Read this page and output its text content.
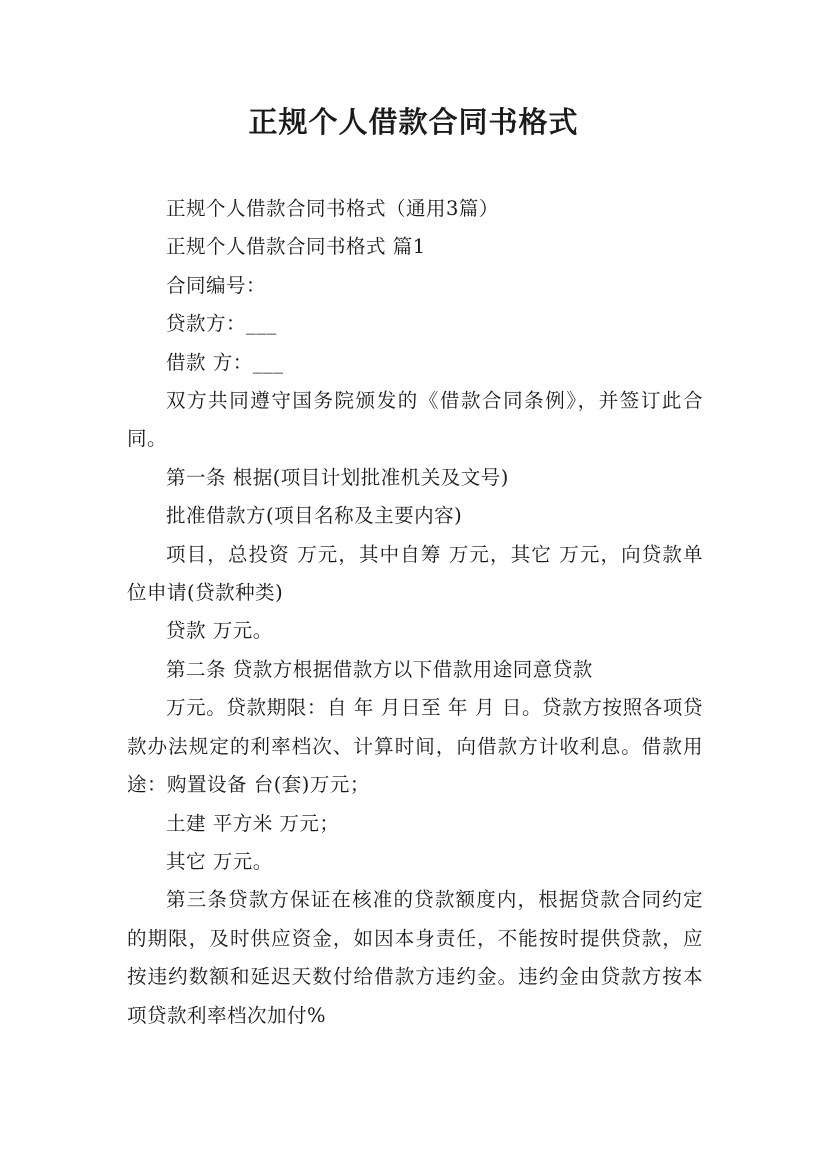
正规个人借款合同书格式

正规个人借款合同书格式（通用3篇）

正规个人借款合同书格式 篇1

合同编号：

贷款方：___

借款 方：___

双方共同遵守国务院颁发的《借款合同条例》，并签订此合同。

第一条 根据(项目计划批准机关及文号)

批准借款方(项目名称及主要内容)

项目，总投资 万元，其中自筹 万元，其它 万元，向贷款单位申请(贷款种类)

贷款 万元。

第二条 贷款方根据借款方以下借款用途同意贷款

万元。贷款期限：自 年 月日至 年 月 日。贷款方按照各项贷款办法规定的利率档次、计算时间，向借款方计收利息。借款用途：购置设备 台(套)万元；

土建 平方米 万元；

其它 万元。

第三条贷款方保证在核准的贷款额度内，根据贷款合同约定的期限，及时供应资金，如因本身责任，不能按时提供贷款，应按违约数额和延迟天数付给借款方违约金。违约金由贷款方按本项贷款利率档次加付%
